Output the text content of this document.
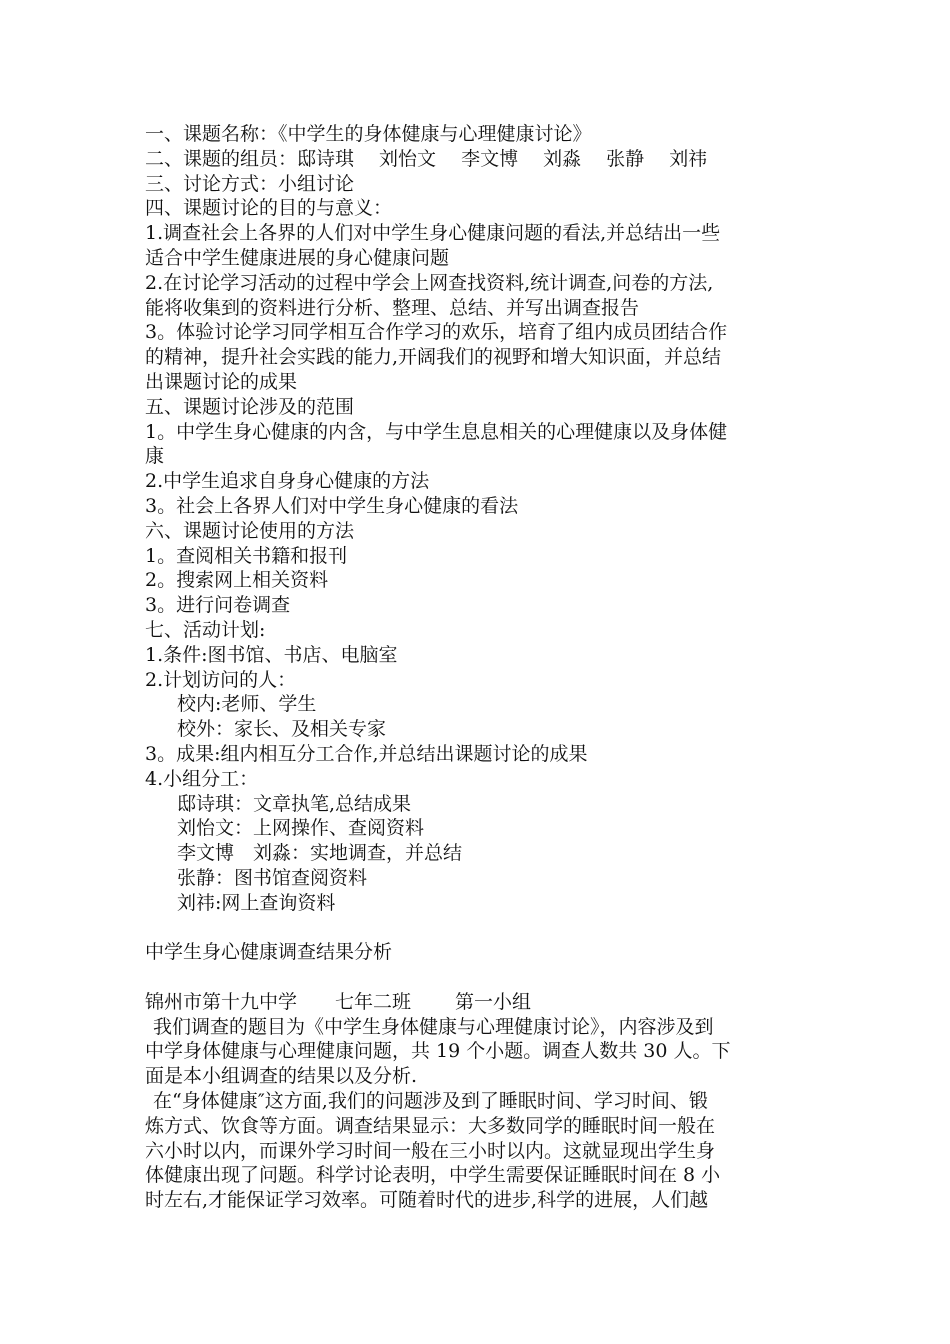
一、课题名称：《中学生的身体健康与心理健康讨论》

二、课题的组员：邸诗琪　 刘怡文　 李文博　 刘淼　 张静　 刘祎

三、讨论方式：小组讨论

四、课题讨论的目的与意义：

1.调查社会上各界的人们对中学生身心健康问题的看法,并总结出一些

适合中学生健康进展的身心健康问题

2.在讨论学习活动的过程中学会上网查找资料,统计调查,问卷的方法,

能将收集到的资料进行分析、整理、总结、并写出调查报告

3。体验讨论学习同学相互合作学习的欢乐，培育了组内成员团结合作

的精神，提升社会实践的能力,开阔我们的视野和增大知识面，并总结

出课题讨论的成果

五、课题讨论涉及的范围

1。中学生身心健康的内含，与中学生息息相关的心理健康以及身体健

康

2.中学生追求自身身心健康的方法

3。社会上各界人们对中学生身心健康的看法

六、课题讨论使用的方法

1。查阅相关书籍和报刊

2。搜索网上相关资料

3。进行问卷调查

七、活动计划:

1.条件:图书馆、书店、电脑室

2.计划访问的人：

校内:老师、学生

校外：家长、及相关专家

3。成果:组内相互分工合作,并总结出课题讨论的成果

4.小组分工：

邸诗琪：文章执笔,总结成果

刘怡文：上网操作、查阅资料

李文博　刘淼：实地调查，并总结

张静：图书馆查阅资料

刘祎:网上查询资料

中学生身心健康调查结果分析

锦州市第十九中学　　七年二班　　 第一小组

我们调查的题目为《中学生身体健康与心理健康讨论》，内容涉及到

中学身体健康与心理健康问题，共 19 个小题。调查人数共 30 人。下

面是本小组调查的结果以及分析.

在“身体健康″这方面,我们的问题涉及到了睡眠时间、学习时间、锻

炼方式、饮食等方面。调查结果显示：大多数同学的睡眠时间一般在

六小时以内，而课外学习时间一般在三小时以内。这就显现出学生身

体健康出现了问题。科学讨论表明，中学生需要保证睡眠时间在 8 小

时左右,才能保证学习效率。可随着时代的进步,科学的进展，人们越
